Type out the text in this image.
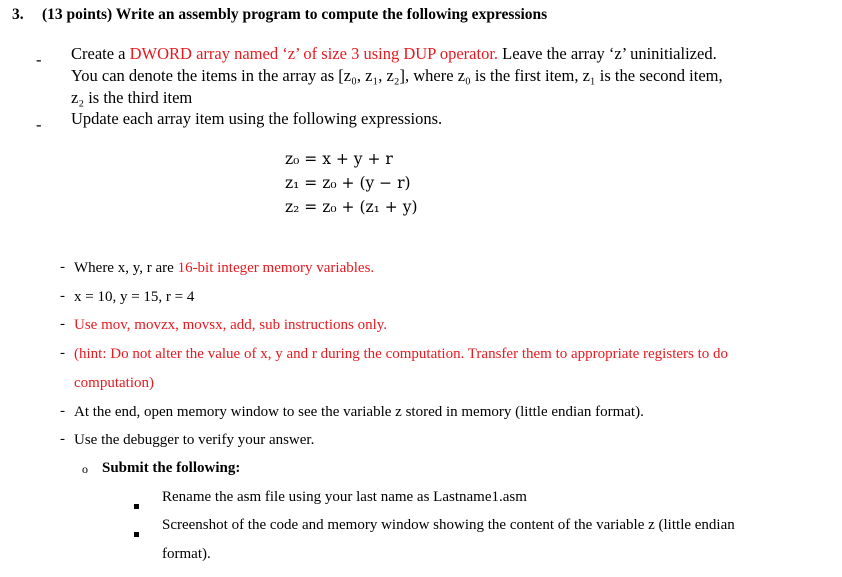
3. (13 points) Write an assembly program to compute the following expressions
- Create a DWORD array named ‘z’ of size 3 using DUP operator. Leave the array ‘z’ uninitialized.
You can denote the items in the array as [z₀, z₁, z₂], where z₀ is the first item, z₁ is the second item,
z₂ is the third item
- Update each array item using the following expressions.
z₀ = x + y + r
z₁ = z₀ + (y − r)
z₂ = z₀ + (z₁ + y)
- Where x, y, r are 16-bit integer memory variables.
- x = 10, y = 15, r = 4
- Use mov, movzx, movsx, add, sub instructions only.
- (hint: Do not alter the value of x, y and r during the computation. Transfer them to appropriate registers to do
computation)
- At the end, open memory window to see the variable z stored in memory (little endian format).
- Use the debugger to verify your answer.
o Submit the following:
Rename the asm file using your last name as Lastname1.asm
Screenshot of the code and memory window showing the content of the variable z (little endian
format).
